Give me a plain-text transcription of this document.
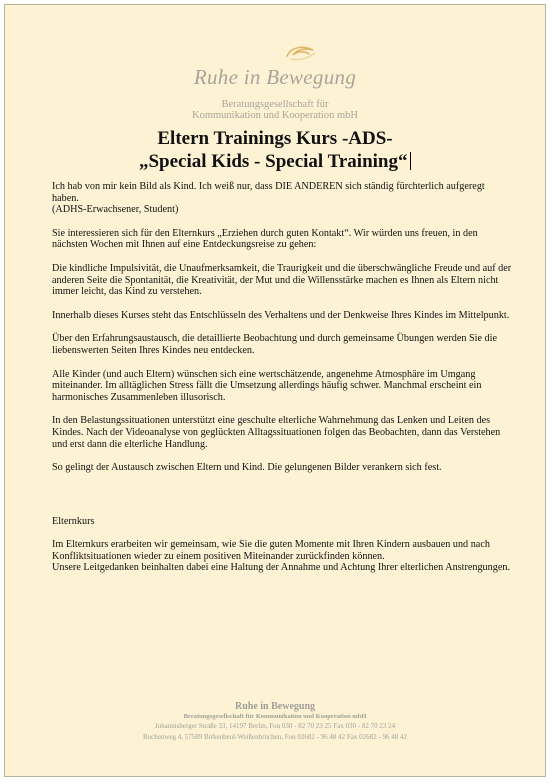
Ruhe in Bewegung
Beratungsgesellschaft für
Kommunikation und Kooperation mbH
Eltern Trainings Kurs -ADS-
„Special Kids - Special Training“

Ich hab von mir kein Bild als Kind. Ich weiß nur, dass DIE ANDEREN sich ständig fürchterlich aufgeregt haben.
(ADHS-Erwachsener, Student)

Sie interessieren sich für den Elternkurs „Erziehen durch guten Kontakt“. Wir würden uns freuen, in den nächsten Wochen mit Ihnen auf eine Entdeckungsreise zu gehen:

Die kindliche Impulsivität, die Unaufmerksamkeit, die Traurigkeit und die überschwängliche Freude und auf der anderen Seite die Spontanität, die Kreativität, der Mut und die Willensstärke machen es Ihnen als Eltern nicht immer leicht, das Kind zu verstehen.

Innerhalb dieses Kurses steht das Entschlüsseln des Verhaltens und der Denkweise Ihres Kindes im Mittelpunkt.

Über den Erfahrungsaustausch, die detaillierte Beobachtung und durch gemeinsame Übungen werden Sie die liebenswerten Seiten Ihres Kindes neu entdecken.

Alle Kinder (und auch Eltern) wünschen sich eine wertschätzende, angenehme Atmosphäre im Umgang miteinander. Im alltäglichen Stress fällt die Umsetzung allerdings häufig schwer. Manchmal erscheint ein harmonisches Zusammenleben illusorisch.

In den Belastungssituationen unterstützt eine geschulte elterliche Wahrnehmung das Lenken und Leiten des Kindes. Nach der Videoanalyse von geglückten Alltagssituationen folgen das Beobachten, dann das Verstehen und erst dann die elterliche Handlung.

So gelingt der Austausch zwischen Eltern und Kind. Die gelungenen Bilder verankern sich fest.

Elternkurs

Im Elternkurs erarbeiten wir gemeinsam, wie Sie die guten Momente mit Ihren Kindern ausbauen und nach Konfliktsituationen wieder zu einem positiven Miteinander zurückfinden können.
Unsere Leitgedanken beinhalten dabei eine Haltung der Annahme und Achtung Ihrer elterlichen Anstrengungen.

Ruhe in Bewegung
Beratungsgesellschaft für Kommunikation und Kooperation mbH
Johannisberger Straße 33, 14197 Berlin, Fon 030 - 82 70 23 25 Fax 030 - 82 70 23 24
Buchenweg 4, 57589 Birkenbeul-Weißenbrüchen, Fon 02682 - 96 48 42 Fax 02682 - 96 48 42
